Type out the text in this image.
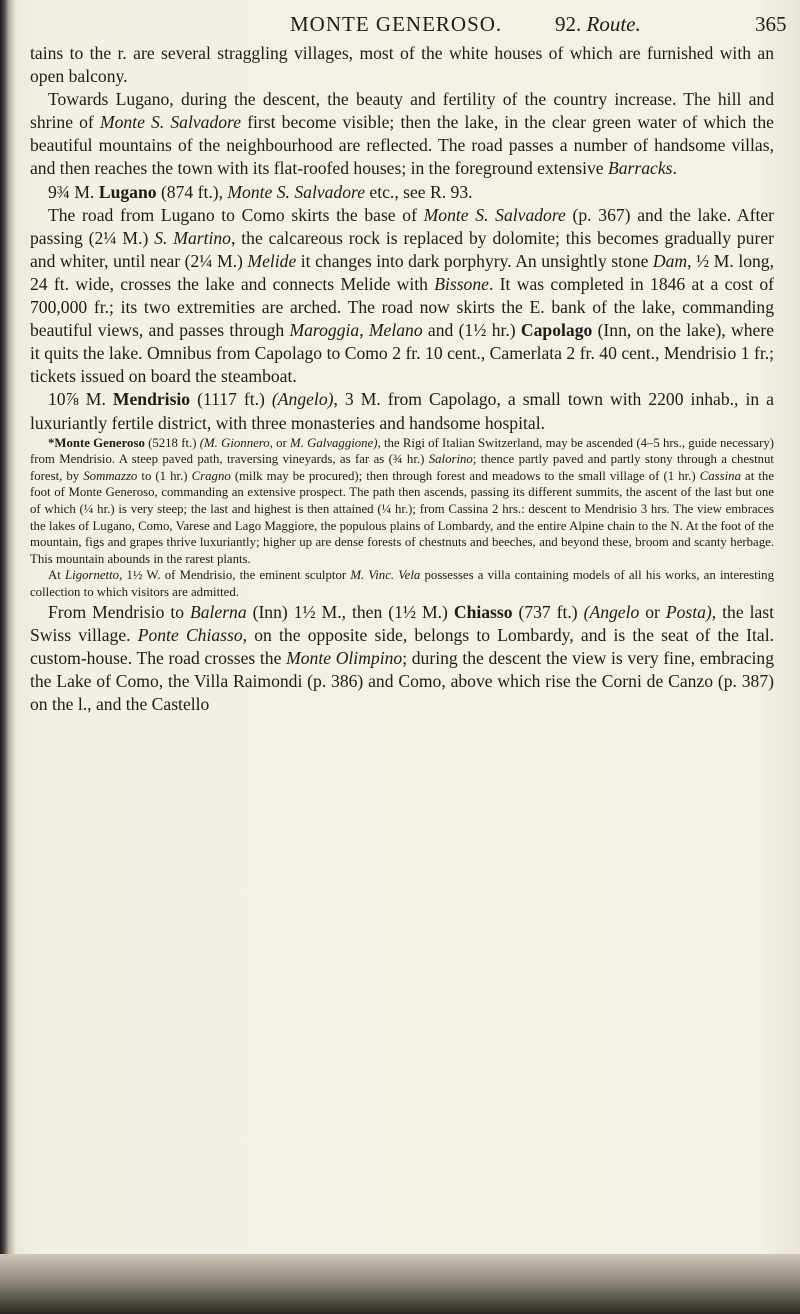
MONTE GENEROSO.	92. Route.	365

tains to the r. are several straggling villages, most of the white houses of which are furnished with an open balcony.

Towards Lugano, during the descent, the beauty and fertility of the country increase. The hill and shrine of Monte S. Salvadore first become visible; then the lake, in the clear green water of which the beautiful mountains of the neighbourhood are reflected. The road passes a number of handsome villas, and then reaches the town with its flat-roofed houses; in the foreground extensive Barracks.

9¾ M. Lugano (874 ft.), Monte S. Salvadore etc., see R. 93.

The road from Lugano to Como skirts the base of Monte S. Salvadore (p. 367) and the lake. After passing (2¼ M.) S. Martino, the calcareous rock is replaced by dolomite; this becomes gradually purer and whiter, until near (2¼ M.) Melide it changes into dark porphyry. An unsightly stone Dam, ½ M. long, 24 ft. wide, crosses the lake and connects Melide with Bissone. It was completed in 1846 at a cost of 700,000 fr.; its two extremities are arched. The road now skirts the E. bank of the lake, commanding beautiful views, and passes through Maroggia, Melano and (1½ hr.) Capolago (Inn, on the lake), where it quits the lake. Omnibus from Capolago to Como 2 fr. 10 cent., Camerlata 2 fr. 40 cent., Mendrisio 1 fr.; tickets issued on board the steamboat.

10⅞ M. Mendrisio (1117 ft.) (Angelo), 3 M. from Capolago, a small town with 2200 inhab., in a luxuriantly fertile district, with three monasteries and handsome hospital.

*Monte Generoso (5218 ft.) (M. Gionnero, or M. Galvaggione), the Rigi of Italian Switzerland, may be ascended (4–5 hrs., guide necessary) from Mendrisio. A steep paved path, traversing vineyards, as far as (¾ hr.) Salorino; thence partly paved and partly stony through a chestnut forest, by Sommazzo to (1 hr.) Cragno (milk may be procured); then through forest and meadows to the small village of (1 hr.) Cassina at the foot of Monte Generoso, commanding an extensive prospect. The path then ascends, passing its different summits, the ascent of the last but one of which (¼ hr.) is very steep; the last and highest is then attained (¼ hr.); from Cassina 2 hrs.: descent to Mendrisio 3 hrs. The view embraces the lakes of Lugano, Como, Varese and Lago Maggiore, the populous plains of Lombardy, and the entire Alpine chain to the N. At the foot of the mountain, figs and grapes thrive luxuriantly; higher up are dense forests of chestnuts and beeches, and beyond these, broom and scanty herbage. This mountain abounds in the rarest plants.

At Ligornetto, 1½ W. of Mendrisio, the eminent sculptor M. Vinc. Vela possesses a villa containing models of all his works, an interesting collection to which visitors are admitted.

From Mendrisio to Balerna (Inn) 1½ M., then (1½ M.) Chiasso (737 ft.) (Angelo or Posta), the last Swiss village. Ponte Chiasso, on the opposite side, belongs to Lombardy, and is the seat of the Ital. custom-house. The road crosses the Monte Olimpino; during the descent the view is very fine, embracing the Lake of Como, the Villa Raimondi (p. 386) and Como, above which rise the Corni de Canzo (p. 387) on the l., and the Castello
